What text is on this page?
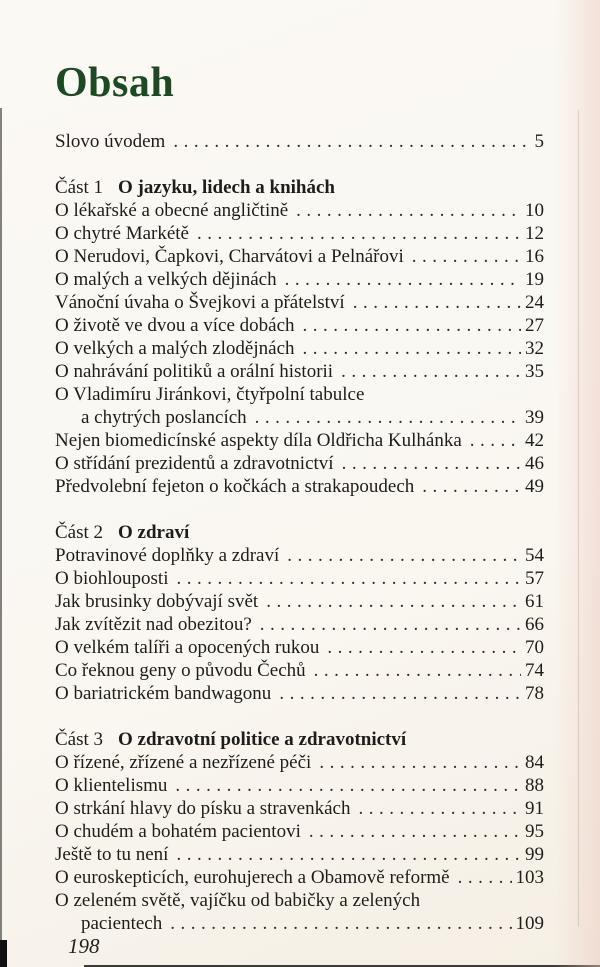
Obsah
Slovo úvodem .....	5
Část 1 O jazyku, lidech a knihách
O lékařské a obecné angličtině .....	10
O chytré Markétě .....	12
O Nerudovi, Čapkovi, Charvátovi a Pelnářovi .....	16
O malých a velkých dějinách .....	19
Vánoční úvaha o Švejkovi a přátelství .....	24
O životě ve dvou a více dobách .....	27
O velkých a malých zlodějnách .....	32
O nahrávání politiků a orální historii .....	35
O Vladimíru Jiránkovi, čtyřpolní tabulce
a chytrých poslancích .....	39
Nejen biomedicínské aspekty díla Oldřicha Kulhánka .....	42
O střídání prezidentů a zdravotnictví .....	46
Předvolební fejeton o kočkách a strakapoudech .....	49
Část 2 O zdraví
Potravinové doplňky a zdraví .....	54
O biohlouposti .....	57
Jak brusinky dobývají svět .....	61
Jak zvítězit nad obezitou? .....	66
O velkém talíři a opocených rukou .....	70
Co řeknou geny o původu Čechů .....	74
O bariatrickém bandwagonu .....	78
Část 3 O zdravotní politice a zdravotnictví
O řízené, zřízené a nezřízené péči .....	84
O klientelismu .....	88
O strkání hlavy do písku a stravenkách .....	91
O chudém a bohatém pacientovi .....	95
Ještě to tu není .....	99
O euroskepticích, eurohujerech a Obamově reformě .....	103
O zeleném světě, vajíčku od babičky a zelených
pacientech .....	109
198
